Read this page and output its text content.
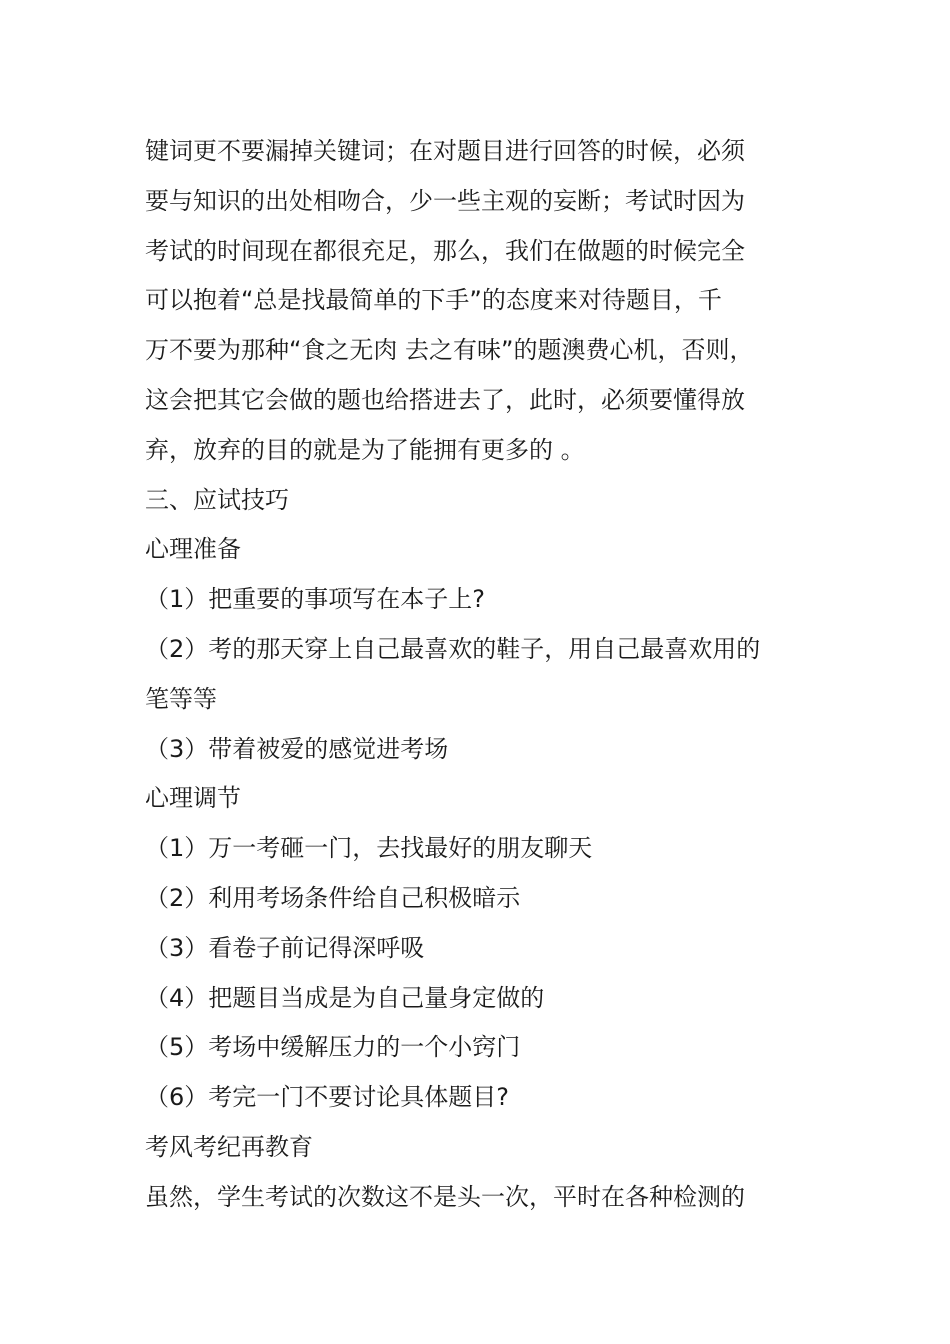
键词更不要漏掉关键词；在对题目进行回答的时候，必须
要与知识的出处相吻合，少一些主观的妄断；考试时因为
考试的时间现在都很充足，那么，我们在做题的时候完全
可以抱着“总是找最简单的下手”的态度来对待题目，千
万不要为那种“食之无肉 去之有味”的题澳费心机，否则，
这会把其它会做的题也给搭进去了，此时，必须要懂得放
弃，放弃的目的就是为了能拥有更多的 。
三、应试技巧
心理准备
（1）把重要的事项写在本子上?
（2）考的那天穿上自己最喜欢的鞋子，用自己最喜欢用的
笔等等
（3）带着被爱的感觉进考场
心理调节
（1）万一考砸一门，去找最好的朋友聊天
（2）利用考场条件给自己积极暗示
（3）看卷子前记得深呼吸
（4）把题目当成是为自己量身定做的
（5）考场中缓解压力的一个小窍门
（6）考完一门不要讨论具体题目?
考风考纪再教育
虽然，学生考试的次数这不是头一次，平时在各种检测的
